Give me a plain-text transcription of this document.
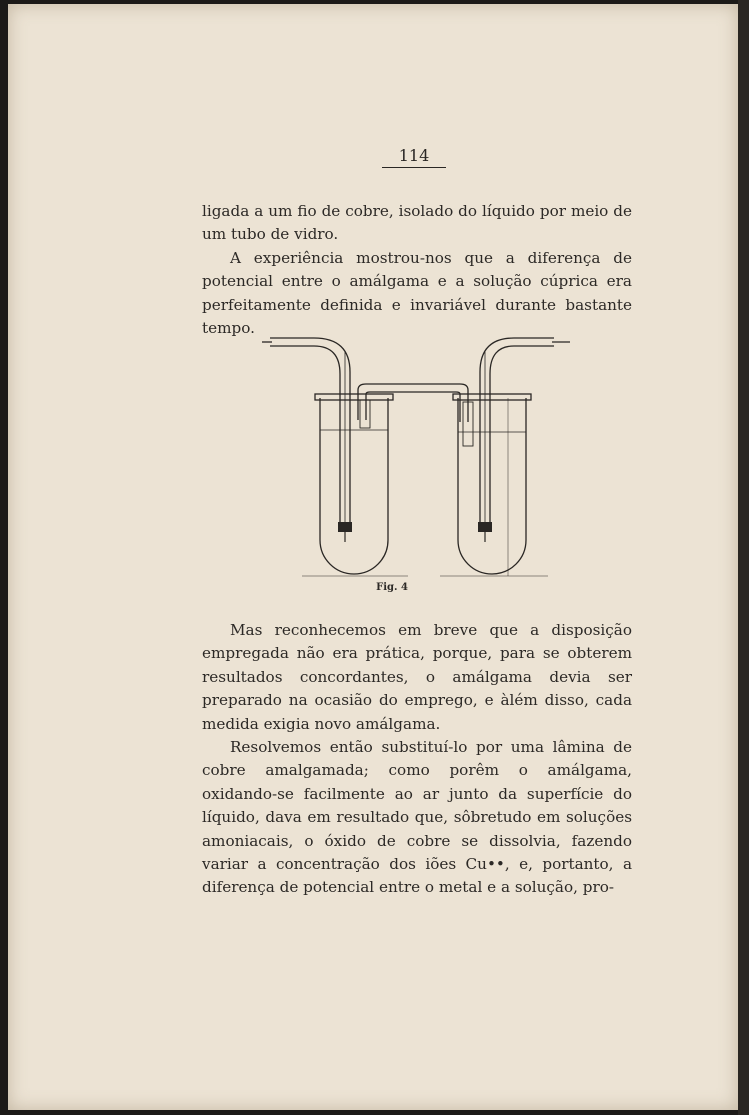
114

ligada a um fio de cobre, isolado do líquido por meio de um tubo de vidro.

A experiência mostrou-nos que a diferença de potencial entre o amálgama e a solução cúprica era perfeitamente definida e invariável durante bastante tempo.

Fig. 4

Mas reconhecemos em breve que a disposição empregada não era prática, porque, para se obterem resultados concordantes, o amálgama devia ser preparado na ocasião do emprego, e àlém disso, cada medida exigia novo amálgama.

Resolvemos então substituí-lo por uma lâmina de cobre amalgamada; como porêm o amálgama, oxidando-se facilmente ao ar junto da superfície do líquido, dava em resultado que, sôbretudo em soluções amoniacais, o óxido de cobre se dissolvia, fazendo variar a concentração dos iões Cu••, e, portanto, a diferença de potencial entre o metal e a solução, pro-
